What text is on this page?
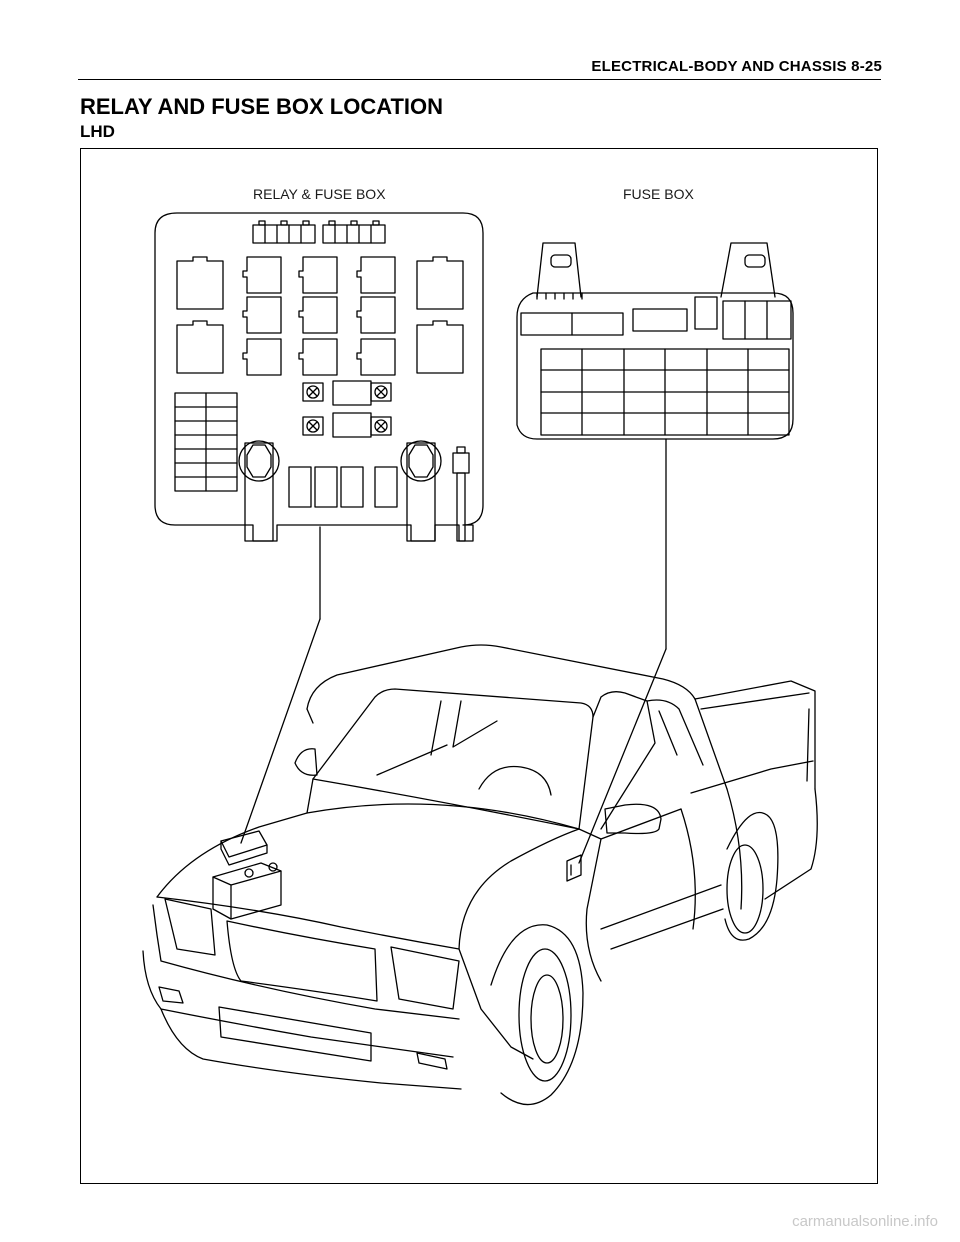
ELECTRICAL-BODY AND CHASSIS 8-25
RELAY AND FUSE BOX LOCATION
LHD
RELAY & FUSE BOX	FUSE BOX
carmanualsonline.info
